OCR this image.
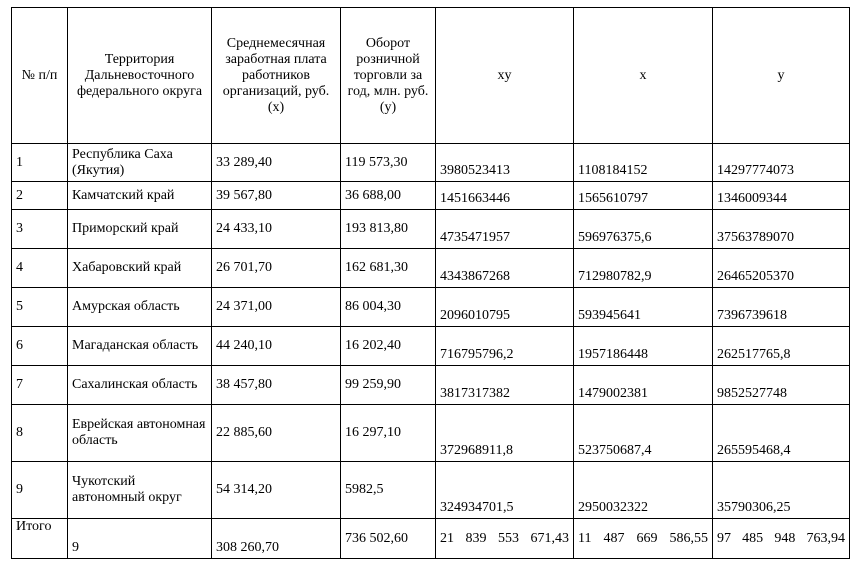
№ п/п	Территория Дальневосточного федерального округа	Среднемесячная заработная плата работников организаций, руб. (х)	Оборот розничной торговли за год, млн. руб. (у)	xy	x	y
1	Республика Саха (Якутия)	33 289,40	119 573,30	3980523413	1108184152	14297774073
2	Камчатский край	39 567,80	36 688,00	1451663446	1565610797	1346009344
3	Приморский край	24 433,10	193 813,80	4735471957	596976375,6	37563789070
4	Хабаровский край	26 701,70	162 681,30	4343867268	712980782,9	26465205370
5	Амурская область	24 371,00	86 004,30	2096010795	593945641	7396739618
6	Магаданская область	44 240,10	16 202,40	716795796,2	1957186448	262517765,8
7	Сахалинская область	38 457,80	99 259,90	3817317382	1479002381	9852527748
8	Еврейская автономная область	22 885,60	16 297,10	372968911,8	523750687,4	265595468,4
9	Чукотский автономный округ	54 314,20	5982,5	324934701,5	2950032322	35790306,25
Итого	9	308 260,70	736 502,60	21 839 553 671,43	11 487 669 586,55	97 485 948 763,94
